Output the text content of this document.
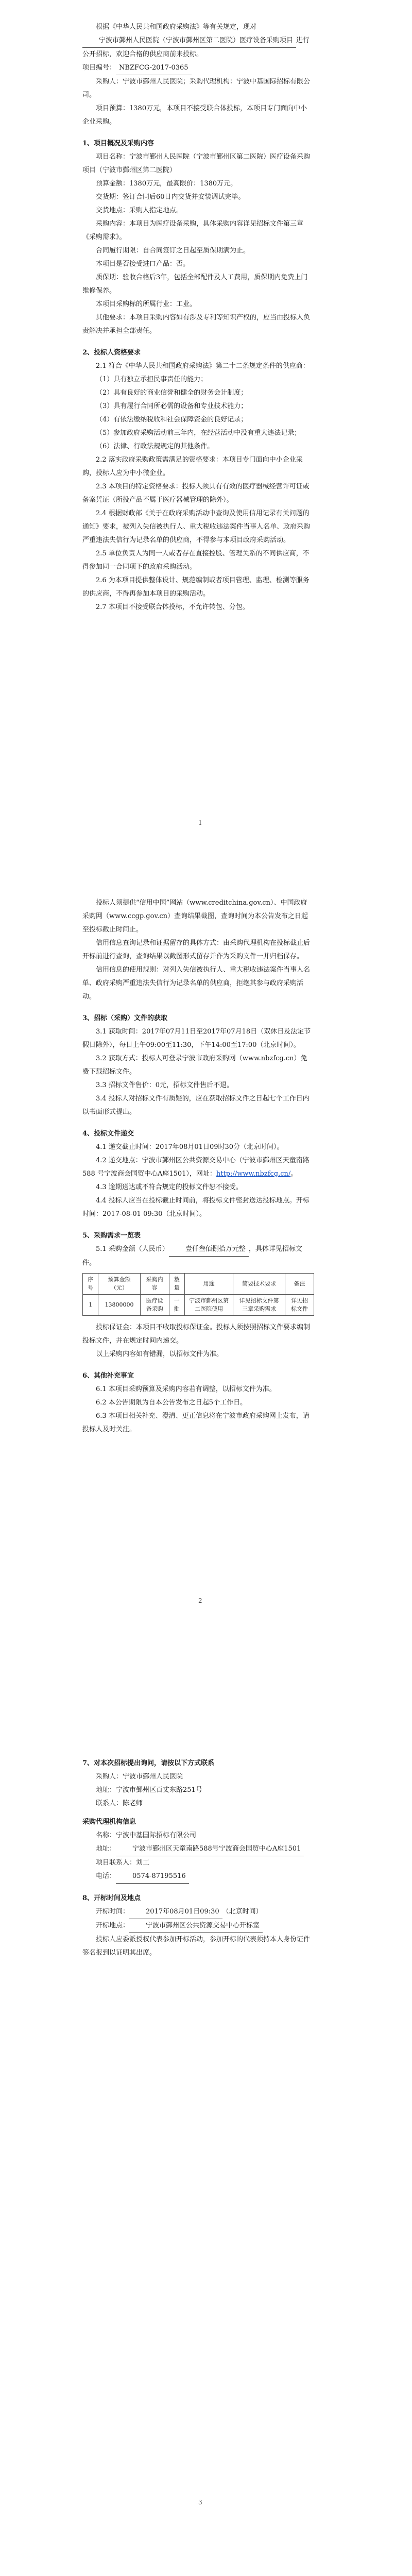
根据《中华人民共和国政府采购法》等有关规定，现对宁波市鄞州人民医院（宁波市鄞州区第二医院）医疗设备采购项目 进行公开招标，欢迎合格的供应商前来投标。
项目编号： NBZFCG-2017-0365
采购人：宁波市鄞州人民医院；采购代理机构：宁波中基国际招标有限公司。
项目预算：1380万元，本项目不接受联合体投标，本项目专门面向中小企业采购。
1、项目概况及采购内容
项目名称：宁波市鄞州人民医院（宁波市鄞州区第二医院）医疗设备采购项目（宁波市鄞州区第二医院）
预算金额：1380万元，最高限价：1380万元。
交货期：签订合同后60日内交货并安装调试完毕。
交货地点：采购人指定地点。
采购内容：本项目为医疗设备采购，具体采购内容详见招标文件第三章《采购需求》。
合同履行期限：自合同签订之日起至质保期满为止。
本项目是否接受进口产品：否。
质保期：验收合格后3年，包括全部配件及人工费用，质保期内免费上门维修保养。
本项目采购标的所属行业：工业。
其他要求：本项目采购内容如有涉及专利等知识产权的，应当由投标人负责解决并承担全部责任。
2、投标人资格要求
2.1 符合《中华人民共和国政府采购法》第二十二条规定条件的供应商：
（1）具有独立承担民事责任的能力；
（2）具有良好的商业信誉和健全的财务会计制度；
（3）具有履行合同所必需的设备和专业技术能力；
（4）有依法缴纳税收和社会保障资金的良好记录；
（5）参加政府采购活动前三年内，在经营活动中没有重大违法记录；
（6）法律、行政法规规定的其他条件。
2.2 落实政府采购政策需满足的资格要求：本项目专门面向中小企业采购，投标人应为中小微企业。
2.3 本项目的特定资格要求：投标人须具有有效的医疗器械经营许可证或备案凭证（所投产品不属于医疗器械管理的除外）。
2.4 根据财政部《关于在政府采购活动中查询及使用信用记录有关问题的通知》要求，被列入失信被执行人、重大税收违法案件当事人名单、政府采购严重违法失信行为记录名单的供应商，不得参与本项目政府采购活动。
2.5 单位负责人为同一人或者存在直接控股、管理关系的不同供应商，不得参加同一合同项下的政府采购活动。
2.6 为本项目提供整体设计、规范编制或者项目管理、监理、检测等服务的供应商，不得再参加本项目的采购活动。
2.7 本项目不接受联合体投标，不允许转包、分包。
1
投标人须提供“信用中国”网站（www.creditchina.gov.cn）、中国政府采购网（www.ccgp.gov.cn）查询结果截图，查询时间为本公告发布之日起至投标截止时间止。
信用信息查询记录和证据留存的具体方式：由采购代理机构在投标截止后开标前进行查询，查询结果以截图形式留存并作为采购文件一并归档保存。
信用信息的使用规则：对列入失信被执行人、重大税收违法案件当事人名单、政府采购严重违法失信行为记录名单的供应商，拒绝其参与政府采购活动。
3、招标（采购）文件的获取
3.1 获取时间：2017年07月11日至2017年07月18日（双休日及法定节假日除外），每日上午09:00至11:30，下午14:00至17:00（北京时间）。
3.2 获取方式：投标人可登录宁波市政府采购网（www.nbzfcg.cn）免费下载招标文件。
3.3 招标文件售价：0元，招标文件售后不退。
3.4 投标人对招标文件有质疑的，应在获取招标文件之日起七个工作日内以书面形式提出。
4、投标文件递交
4.1 递交截止时间：2017年08月01日09时30分（北京时间）。
4.2 递交地点：宁波市鄞州区公共资源交易中心（宁波市鄞州区天童南路 588 号宁波商会国贸中心A座1501），网址：http://www.nbzfcg.cn/。
4.3 逾期送达或不符合规定的投标文件恕不接受。
4.4 投标人应当在投标截止时间前，将投标文件密封送达投标地点。开标时间：2017-08-01 09:30（北京时间）。
5、采购需求一览表
5.1 采购金额（人民币） 壹仟叁佰捌拾万元整 ，具体详见招标文件。
序号	预算金额（元）	采购内容	数量	用途	简要技术要求	备注
1	13800000	医疗设备采购	一批	宁波市鄞州区第二医院使用	详见招标文件第三章采购需求	详见招标文件
投标保证金：本项目不收取投标保证金。投标人须按照招标文件要求编制投标文件，并在规定时间内递交。
以上采购内容如有错漏，以招标文件为准。
6、其他补充事宜
6.1 本项目采购预算及采购内容若有调整，以招标文件为准。
6.2 本公告期限为自本公告发布之日起5个工作日。
6.3 本项目相关补充、澄清、更正信息将在宁波市政府采购网上发布，请投标人及时关注。
2
7、对本次招标提出询问，请按以下方式联系
采购人：宁波市鄞州人民医院
地址：宁波市鄞州区百丈东路251号
联系人：陈老师
采购代理机构信息
名称：宁波中基国际招标有限公司
地址： 宁波市鄞州区天童南路588号宁波商会国贸中心A座1501
项目联系人：刘工
电话： 0574-87195516
8、开标时间及地点
开标时间： 2017年08月01日09:30 （北京时间）
开标地点： 宁波市鄞州区公共资源交易中心开标室
投标人应委派授权代表参加开标活动，参加开标的代表须持本人身份证件签名报到以证明其出席。
3
